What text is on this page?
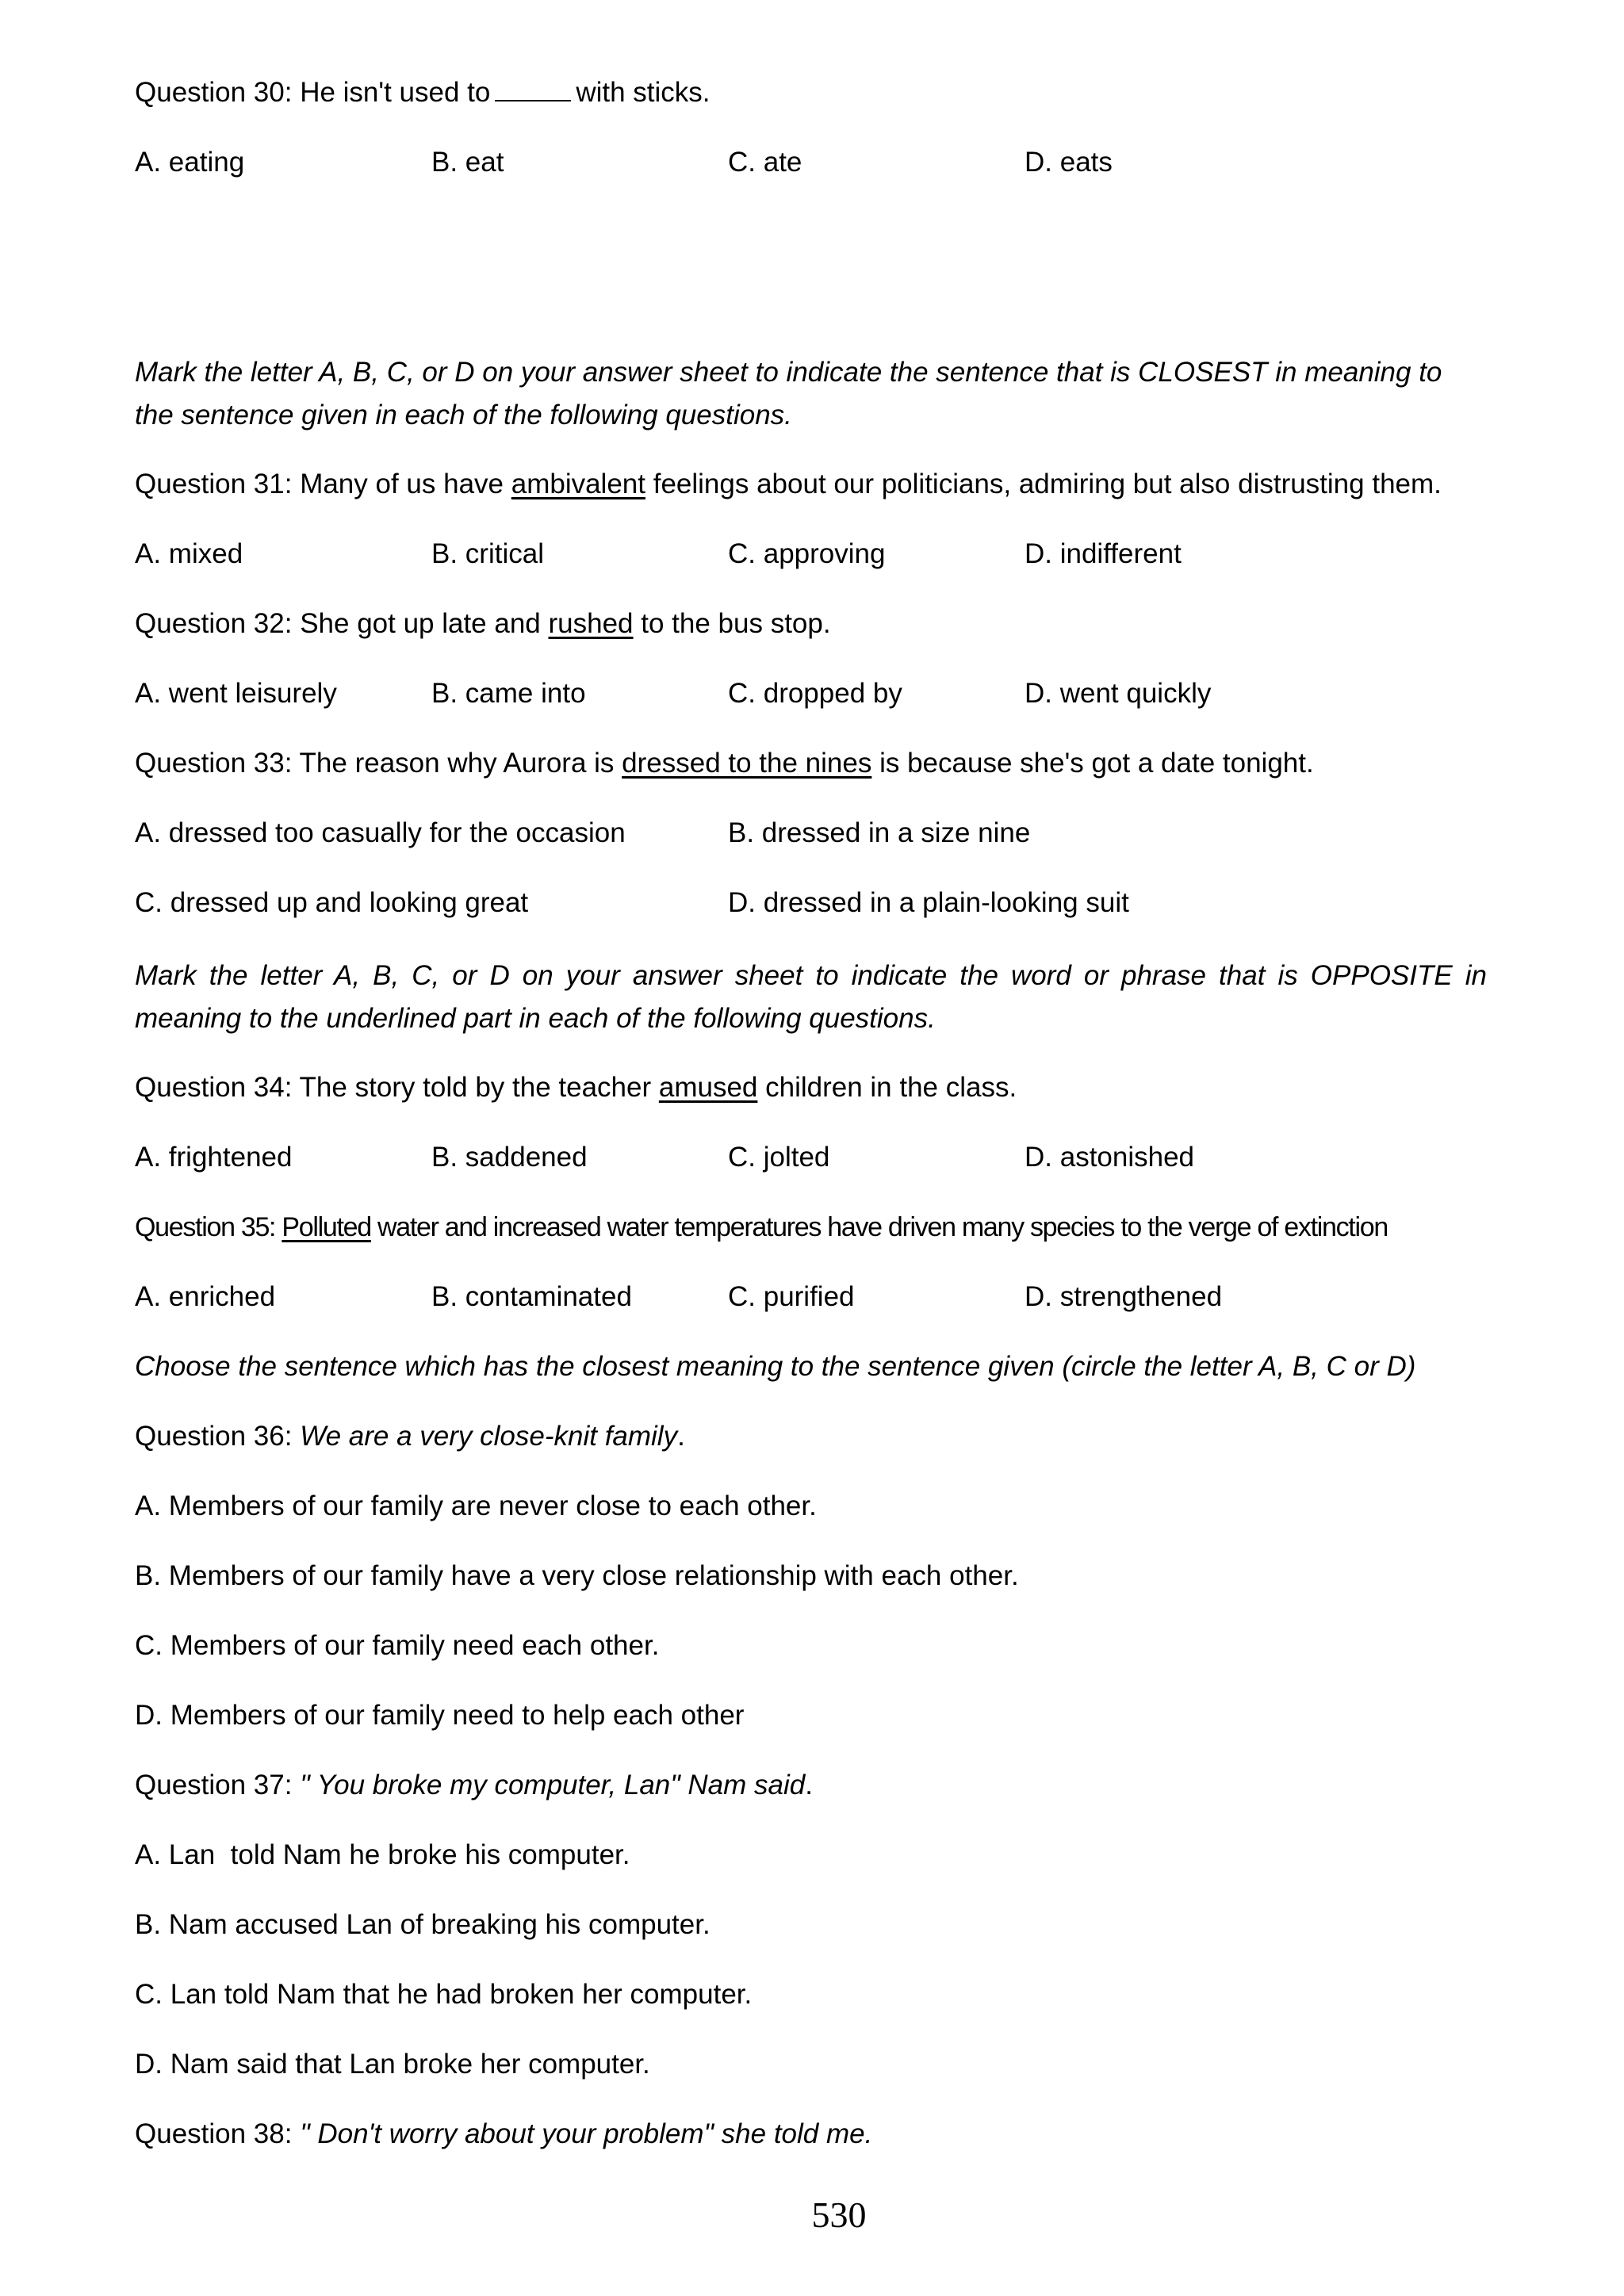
Question 30: He isn't used to	with sticks.
A. eating	B. eat	C. ate	D. eats
Mark the letter A, B, C, or D on your answer sheet to indicate the sentence that is CLOSEST in meaning to the sentence given in each of the following questions.
Question 31: Many of us have ambivalent feelings about our politicians, admiring but also distrusting them.
A. mixed	B. critical	C. approving	D. indifferent
Question 32: She got up late and rushed to the bus stop.
A. went leisurely	B. came into	C. dropped by	D. went quickly
Question 33: The reason why Aurora is dressed to the nines is because she's got a date tonight.
A. dressed too casually for the occasion	B. dressed in a size nine
C. dressed up and looking great	D. dressed in a plain-looking suit
Mark the letter A, B, C, or D on your answer sheet to indicate the word or phrase that is OPPOSITE in meaning to the underlined part in each of the following questions.
Question 34: The story told by the teacher amused children in the class.
A. frightened	B. saddened	C. jolted	D. astonished
Question 35: Polluted water and increased water temperatures have driven many species to the verge of extinction
A. enriched	B. contaminated	C. purified	D. strengthened
Choose the sentence which has the closest meaning to the sentence given (circle the letter A, B, C or D)
Question 36: We are a very close-knit family.
A. Members of our family are never close to each other.
B. Members of our family have a very close relationship with each other.
C. Members of our family need each other.
D. Members of our family need to help each other
Question 37: " You broke my computer, Lan" Nam said.
A. Lan  told Nam he broke his computer.
B. Nam accused Lan of breaking his computer.
C. Lan told Nam that he had broken her computer.
D. Nam said that Lan broke her computer.
Question 38: " Don't worry about your problem" she told me.
530
